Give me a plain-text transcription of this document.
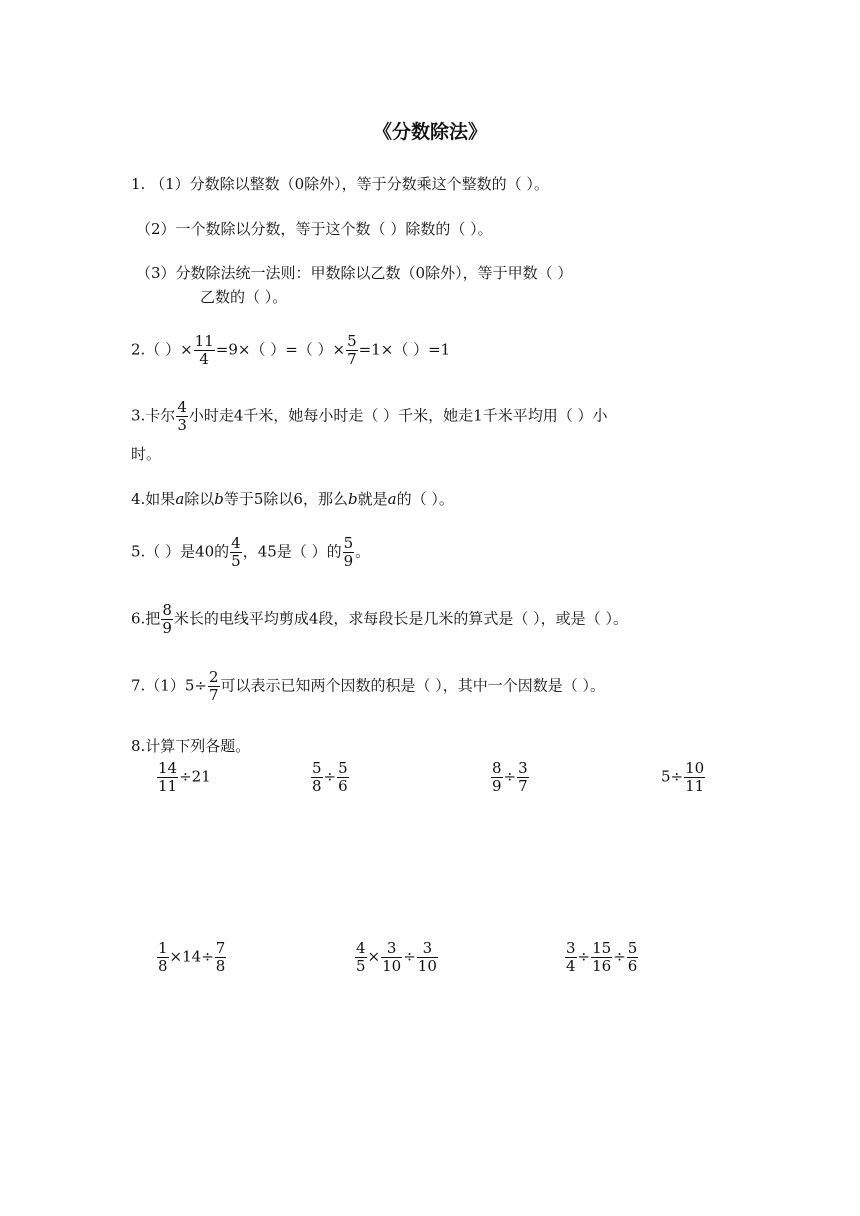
《分数除法》
1. （1）分数除以整数（0除外），等于分数乘这个整数的（ ）。
（2）一个数除以分数，等于这个数（ ）除数的（ ）。
（3）分数除法统一法则：甲数除以乙数（0除外），等于甲数（ ）
乙数的（ ）。
2.（ ）× $\frac{11}{4} =9\times$（ ）=（ ）× $\frac{5}{7} =1\times$（ ）=1
3.卡尔 $\frac{4}{3}$ 小时走4千米，她每小时走（ ）千米，她走1千米平均用（ ）小
时。
4.如果a除以b等于5除以6，那么b就是a的（ ）。
5.（ ）是40的 $\frac{4}{5}$ ，45是（ ）的 $\frac{5}{9}$ 。
6.把 $\frac{8}{9}$ 米长的电线平均剪成4段，求每段长是几米的算式是（ ），或是（ ）。
$7.(1)5\div \frac{2}{7}$ 可以表示已知两个因数的积是（ ），其中一个因数是（ ）。
8.计算下列各题。
$\frac{14}{11} \div 21$	$\frac{5}{8} \div \frac{5}{6}$	$\frac{8}{9} \div \frac{3}{7}$	$5\div \frac{10}{11}$
$\frac{1}{8} \times 14\div \frac{7}{8}$	$\frac{4}{5} \times \frac{3}{10} \div \frac{3}{10}$	$\frac{3}{4} \div \frac{15}{16} \div \frac{5}{6}$
